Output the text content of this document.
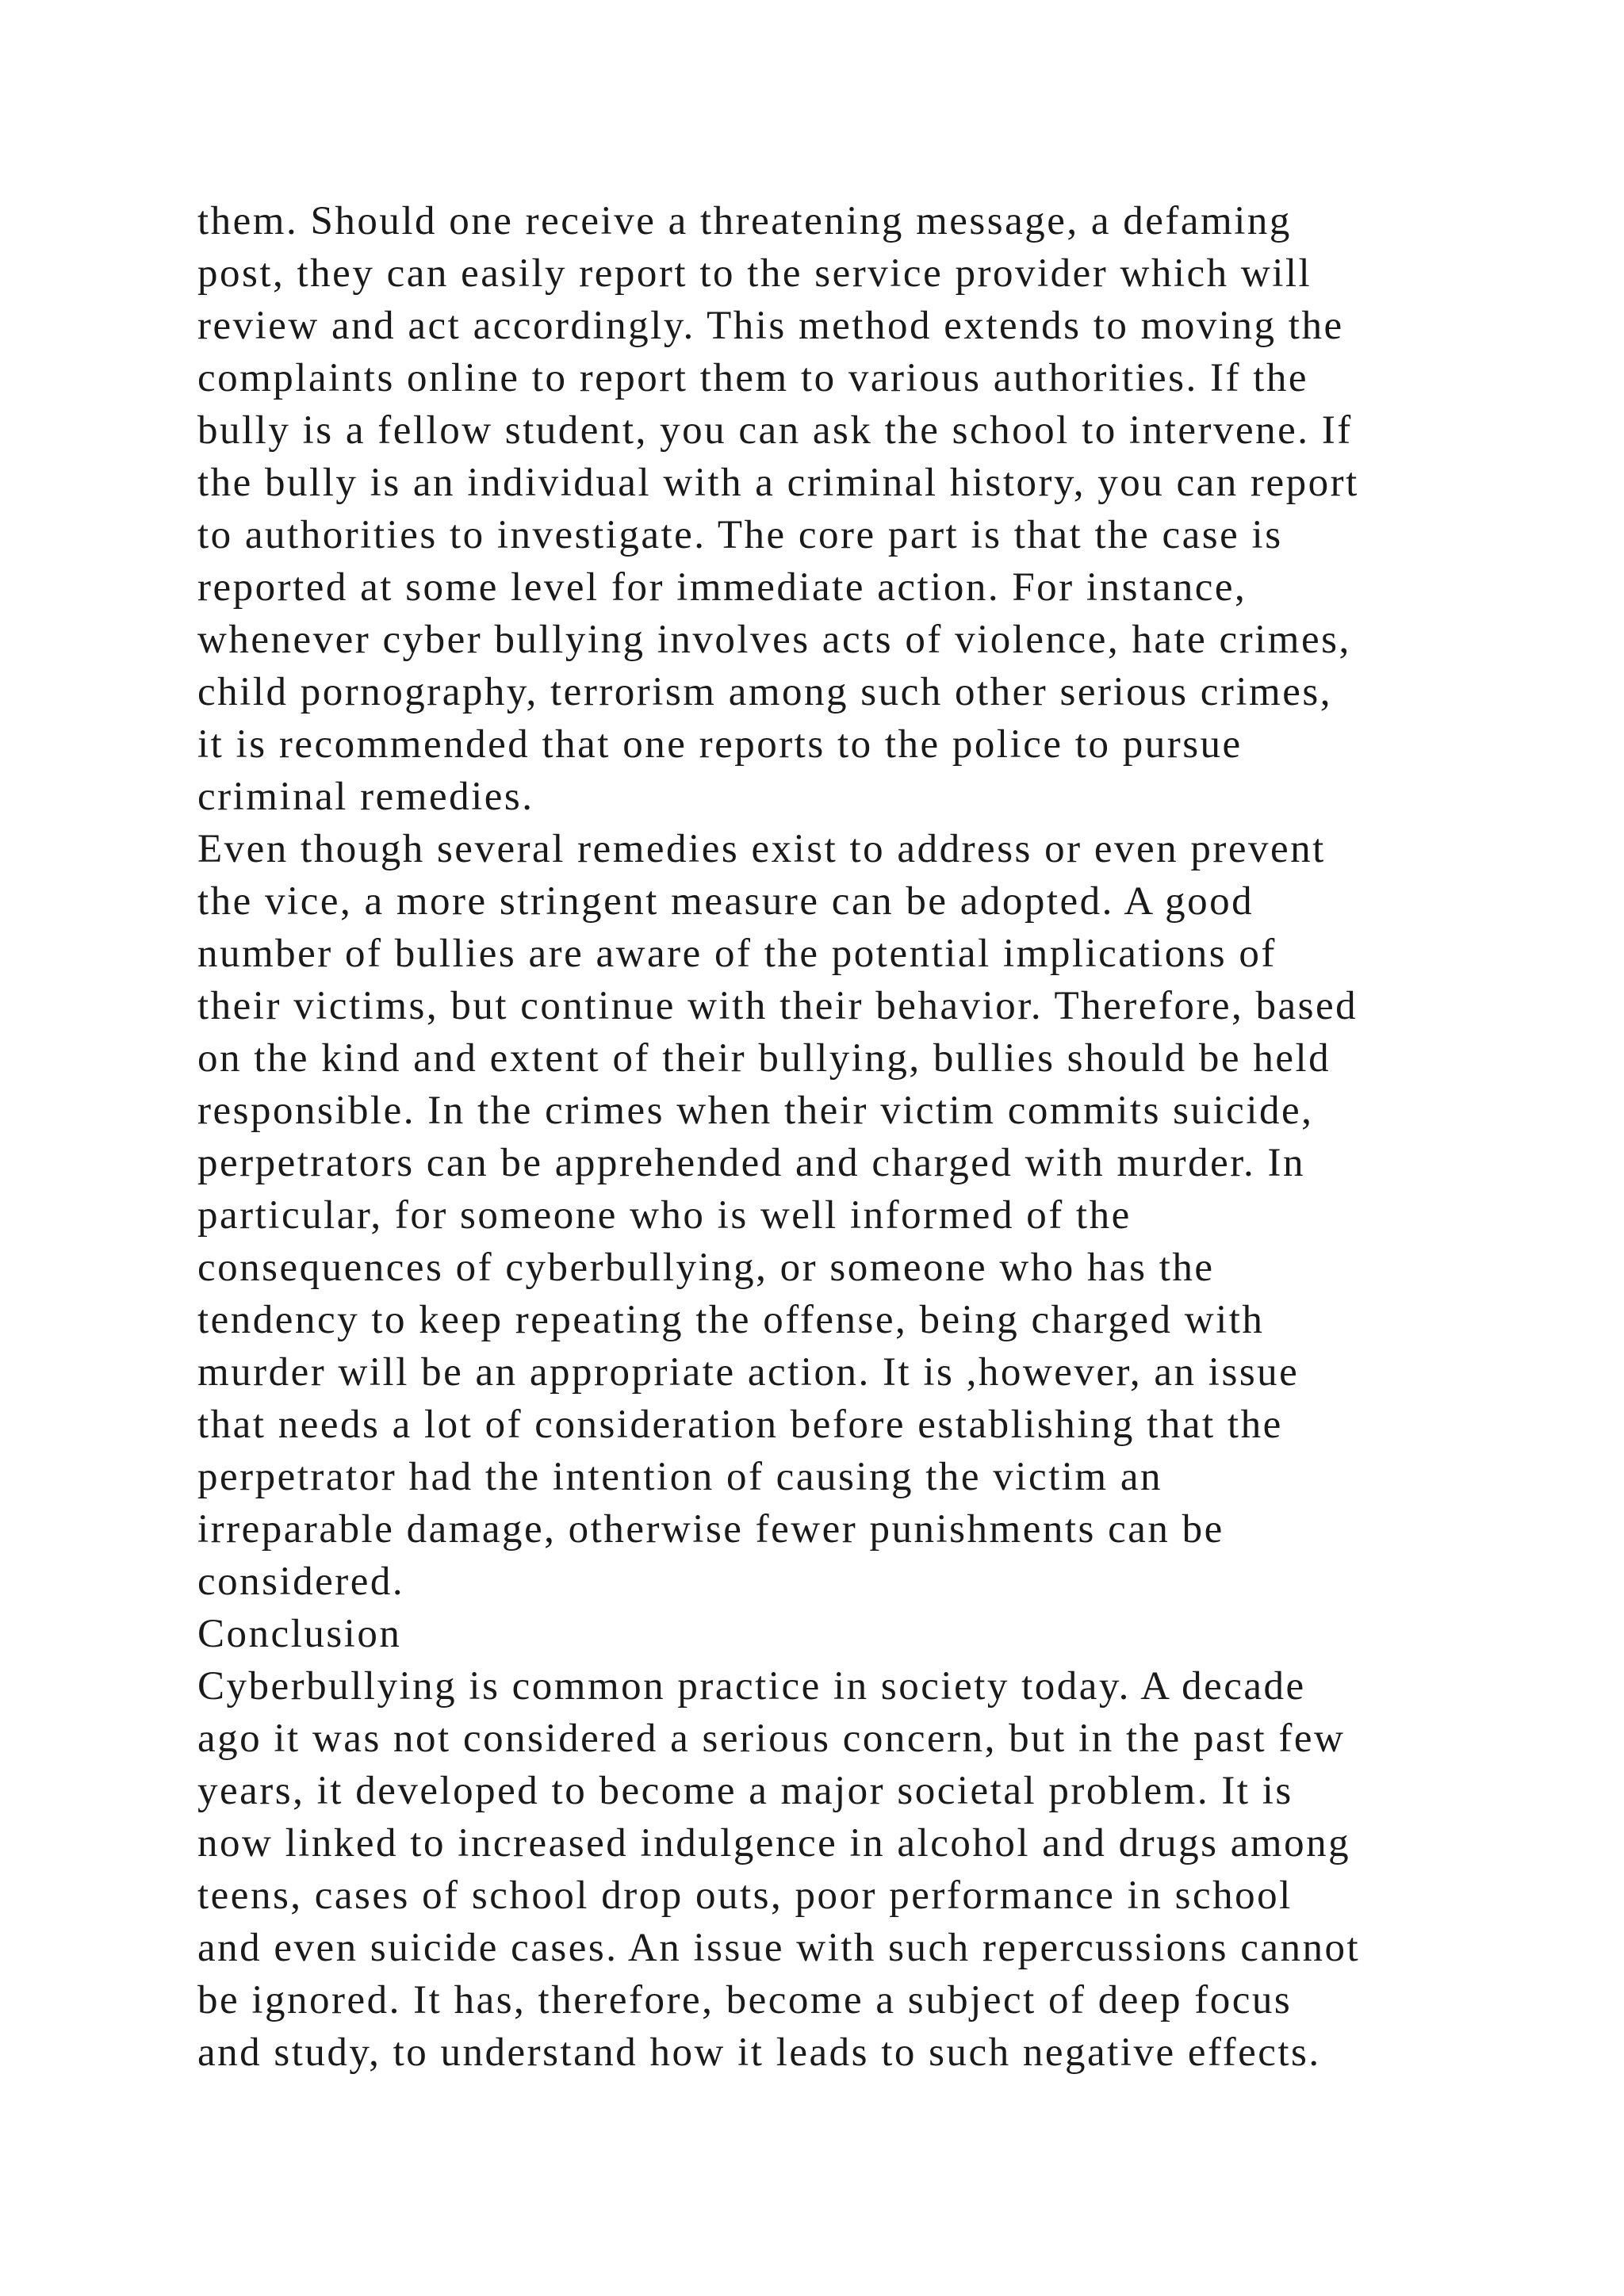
them. Should one receive a threatening message, a defaming
post, they can easily report to the service provider which will
review and act accordingly. This method extends to moving the
complaints online to report them to various authorities. If the
bully is a fellow student, you can ask the school to intervene. If
the bully is an individual with a criminal history, you can report
to authorities to investigate. The core part is that the case is
reported at some level for immediate action. For instance,
whenever cyber bullying involves acts of violence, hate crimes,
child pornography, terrorism among such other serious crimes,
it is recommended that one reports to the police to pursue
criminal remedies.
Even though several remedies exist to address or even prevent
the vice, a more stringent measure can be adopted. A good
number of bullies are aware of the potential implications of
their victims, but continue with their behavior. Therefore, based
on the kind and extent of their bullying, bullies should be held
responsible. In the crimes when their victim commits suicide,
perpetrators can be apprehended and charged with murder. In
particular, for someone who is well informed of the
consequences of cyberbullying, or someone who has the
tendency to keep repeating the offense, being charged with
murder will be an appropriate action. It is ,however, an issue
that needs a lot of consideration before establishing that the
perpetrator had the intention of causing the victim an
irreparable damage, otherwise fewer punishments can be
considered.
Conclusion
Cyberbullying is common practice in society today. A decade
ago it was not considered a serious concern, but in the past few
years, it developed to become a major societal problem. It is
now linked to increased indulgence in alcohol and drugs among
teens, cases of school drop outs, poor performance in school
and even suicide cases. An issue with such repercussions cannot
be ignored. It has, therefore, become a subject of deep focus
and study, to understand how it leads to such negative effects.
